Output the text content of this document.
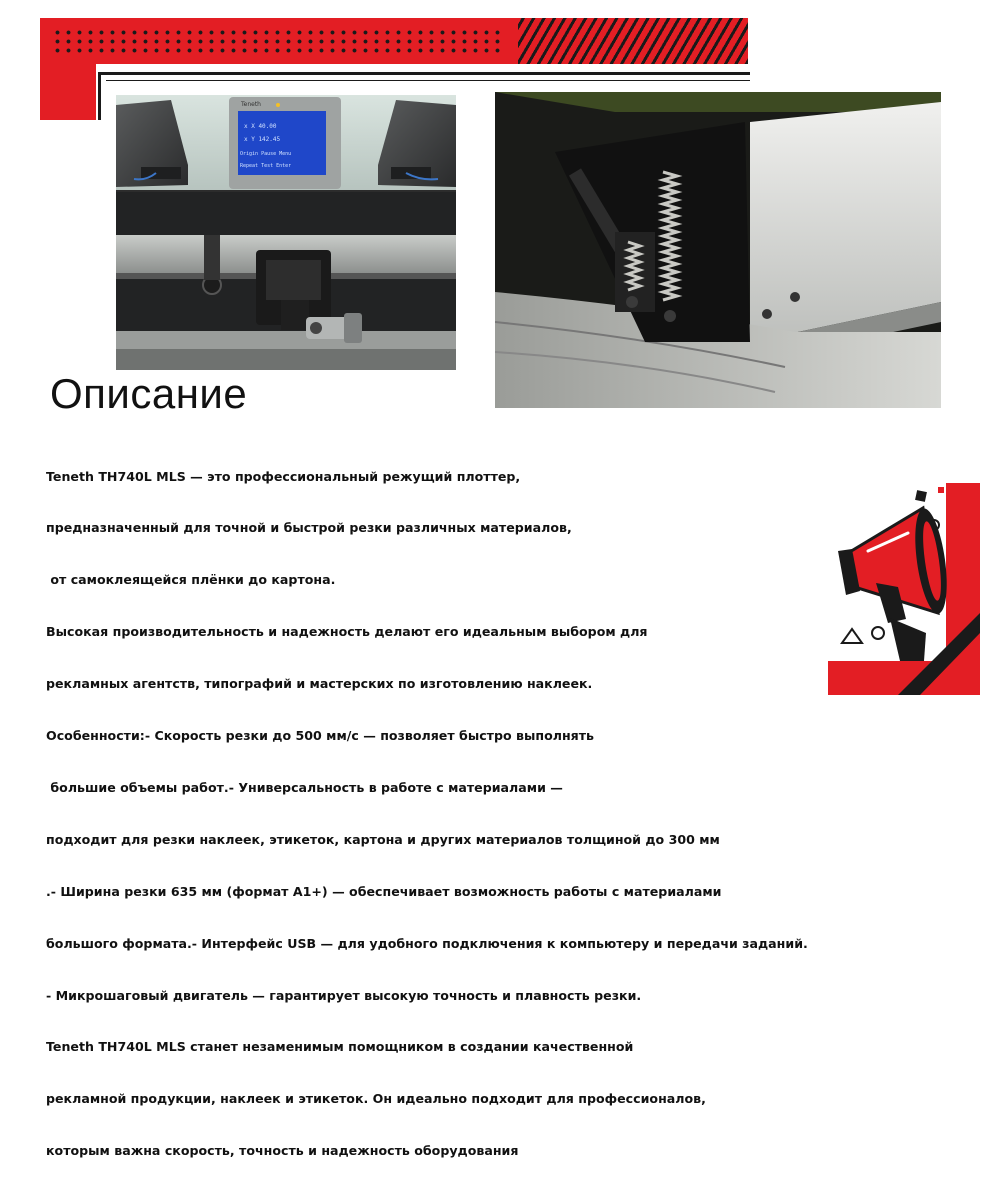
Teneth
x X 40.00
x Y 142.45
Origin Pause Menu
Repeat Test Enter
Описание

Teneth TH740L MLS — это профессиональный режущий плоттер,

предназначенный для точной и быстрой резки различных материалов,

от самоклеящейся плёнки до картона.

Высокая производительность и надежность делают его идеальным выбором для

рекламных агентств, типографий и мастерских по изготовлению наклеек.

Особенности:- Скорость резки до 500 мм/с — позволяет быстро выполнять

большие объемы работ.- Универсальность в работе с материалами —

подходит для резки наклеек, этикеток, картона и других материалов толщиной до 300 мм

.- Ширина резки 635 мм (формат А1+) — обеспечивает возможность работы с материалами

большого формата.- Интерфейс USB — для удобного подключения к компьютеру и передачи заданий.

- Микрошаговый двигатель — гарантирует высокую точность и плавность резки.

Teneth TH740L MLS станет незаменимым помощником в создании качественной

рекламной продукции, наклеек и этикеток. Он идеально подходит для профессионалов,

которым важна скорость, точность и надежность оборудования
